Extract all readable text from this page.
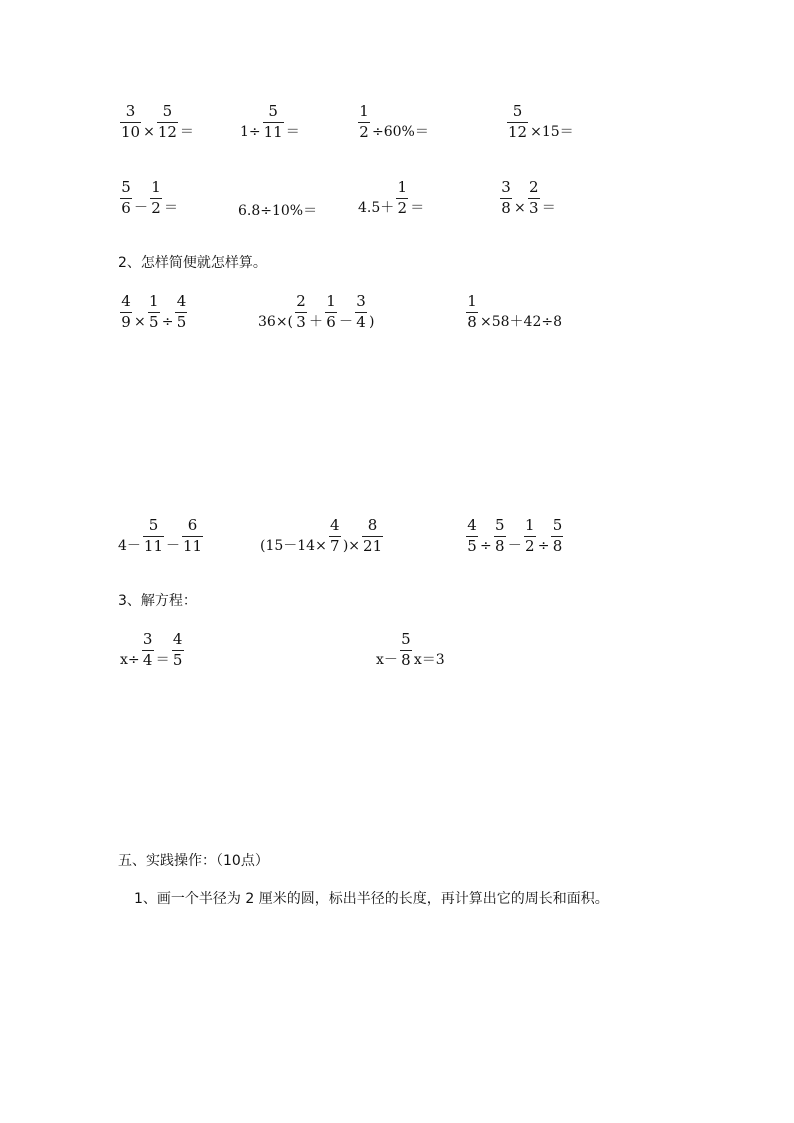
$\frac{3}{10} \times \frac{5}{12}$ ＝	$1\div \frac{5}{11}$ ＝	$\frac{1}{2} \div 60\%=$	$\frac{5}{12} \times 15=$
$\frac{5}{6} - \frac{1}{2}$ ＝	6.8÷10%＝	$4.5+ \frac{1}{2}$ ＝	$\frac{3}{8} \times \frac{2}{3}$ ＝
2、怎样简便就怎样算。
$\frac{4}{9} \times \frac{1}{5} \div \frac{4}{5}$	$36\times( \frac{2}{3} + \frac{1}{6} - \frac{3}{4}$ )	$\frac{1}{8} \times 58+42\div 8$
$4- \frac{5}{11} - \frac{6}{11}$	($15-14\times \frac{4}{7}$ )× $\frac{8}{21}$	$\frac{4}{5} \div \frac{5}{8} - \frac{1}{2} \div \frac{5}{8}$
3、解方程：
$x\div \frac{3}{4} = \frac{4}{5}$	$x- \frac{5}{8} x=3$
五、实践操作：（10点）
1、画一个半径为 2 厘米的圆，标出半径的长度，再计算出它的周长和面积。
